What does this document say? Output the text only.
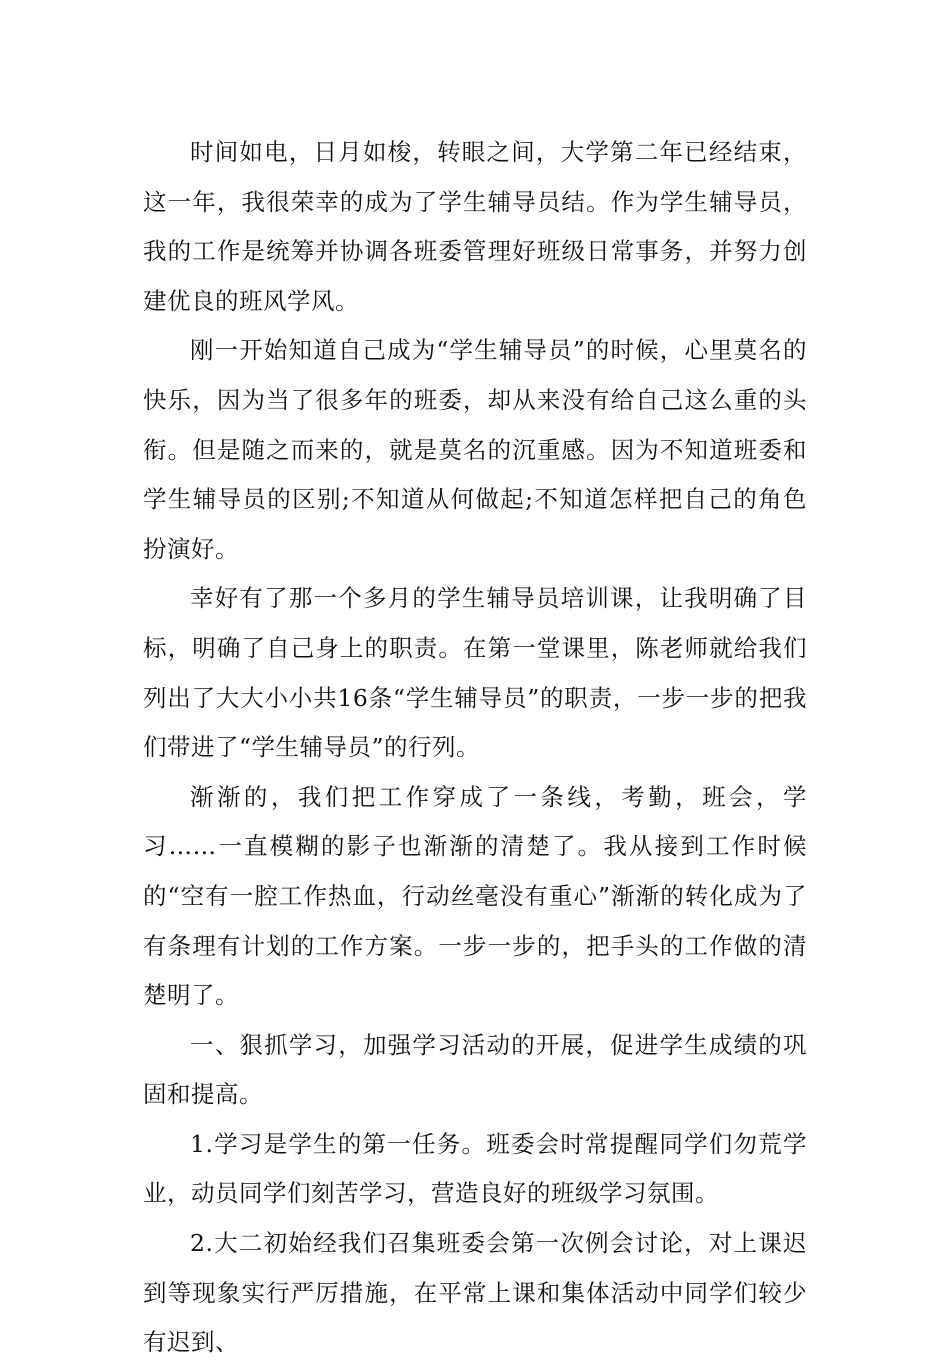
时间如电，日月如梭，转眼之间，大学第二年已经结束，这一年，我很荣幸的成为了学生辅导员结。作为学生辅导员，我的工作是统筹并协调各班委管理好班级日常事务，并努力创建优良的班风学风。

刚一开始知道自己成为“学生辅导员”的时候，心里莫名的快乐，因为当了很多年的班委，却从来没有给自己这么重的头衔。但是随之而来的，就是莫名的沉重感。因为不知道班委和学生辅导员的区别;不知道从何做起;不知道怎样把自己的角色扮演好。

幸好有了那一个多月的学生辅导员培训课，让我明确了目标，明确了自己身上的职责。在第一堂课里，陈老师就给我们列出了大大小小共16条“学生辅导员”的职责，一步一步的把我们带进了“学生辅导员”的行列。

渐渐的，我们把工作穿成了一条线，考勤，班会，学习……一直模糊的影子也渐渐的清楚了。我从接到工作时候的“空有一腔工作热血，行动丝毫没有重心”渐渐的转化成为了有条理有计划的工作方案。一步一步的，把手头的工作做的清楚明了。

一、狠抓学习，加强学习活动的开展，促进学生成绩的巩固和提高。

1.学习是学生的第一任务。班委会时常提醒同学们勿荒学业，动员同学们刻苦学习，营造良好的班级学习氛围。

2.大二初始经我们召集班委会第一次例会讨论，对上课迟到等现象实行严厉措施，在平常上课和集体活动中同学们较少有迟到、
